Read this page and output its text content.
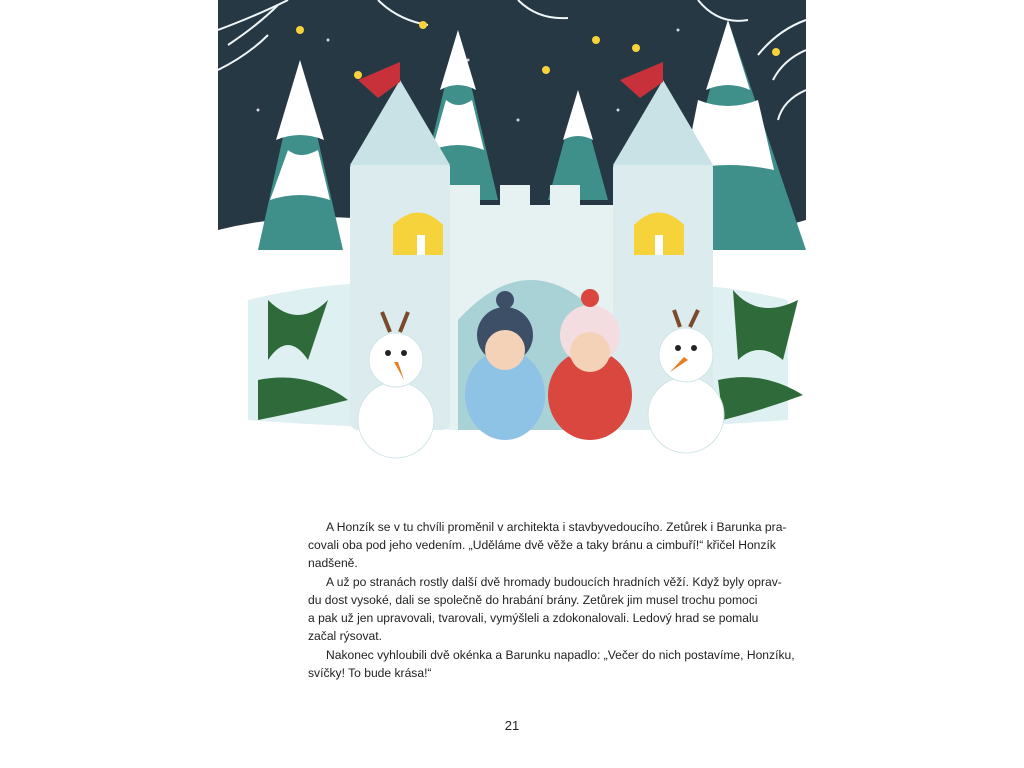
A Honzík se v tu chvíli proměnil v architekta i stavbyvedoucího. Zetůrek i Barunka pra-
covali oba pod jeho vedením. „Uděláme dvě věže a taky bránu a cimbuří!“ křičel Honzík
nadšeně.
A už po stranách rostly další dvě hromady budoucích hradních věží. Když byly oprav-
du dost vysoké, dali se společně do hrabání brány. Zetůrek jim musel trochu pomoci
a pak už jen upravovali, tvarovali, vymýšleli a zdokonalovali. Ledový hrad se pomalu
začal rýsovat.
Nakonec vyhloubili dvě okénka a Barunku napadlo: „Večer do nich postavíme, Honzíku,
svíčky! To bude krása!“
21
